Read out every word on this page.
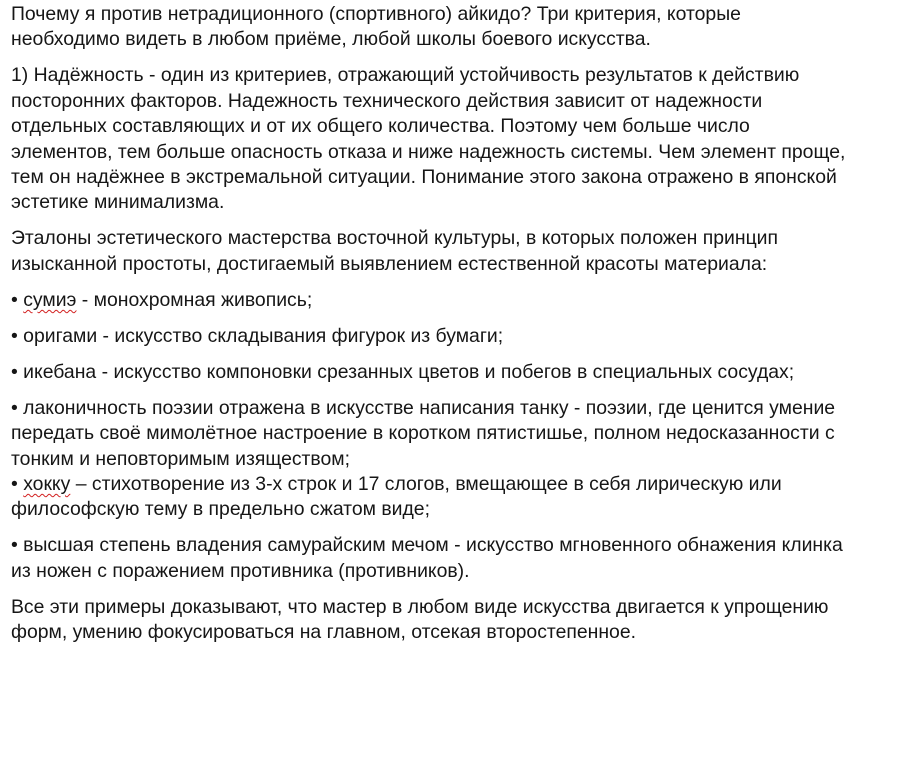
Почему я против нетрадиционного (спортивного) айкидо? Три критерия, которые
необходимо видеть в любом приёме, любой школы боевого искусства.

1) Надёжность - один из критериев, отражающий устойчивость результатов к действию
посторонних факторов. Надежность технического действия зависит от надежности
отдельных составляющих и от их общего количества. Поэтому чем больше число
элементов, тем больше опасность отказа и ниже надежность системы. Чем элемент проще,
тем он надёжнее в экстремальной ситуации. Понимание этого закона отражено в японской
эстетике минимализма.

Эталоны эстетического мастерства восточной культуры, в которых положен принцип
изысканной простоты, достигаемый выявлением естественной красоты материала:

• сумиэ - монохромная живопись;

• оригами - искусство складывания фигурок из бумаги;

• икебана - искусство компоновки срезанных цветов и побегов в специальных сосудах;

• лаконичность поэзии отражена в искусстве написания танку - поэзии, где ценится умение
передать своё мимолётное настроение в коротком пятистишье, полном недосказанности с
тонким и неповторимым изяществом;

• хокку – стихотворение из 3-х строк и 17 слогов, вмещающее в себя лирическую или
философскую тему в предельно сжатом виде;

• высшая степень владения самурайским мечом - искусство мгновенного обнажения клинка
из ножен с поражением противника (противников).

Все эти примеры доказывают, что мастер в любом виде искусства двигается к упрощению
форм, умению фокусироваться на главном, отсекая второстепенное.
